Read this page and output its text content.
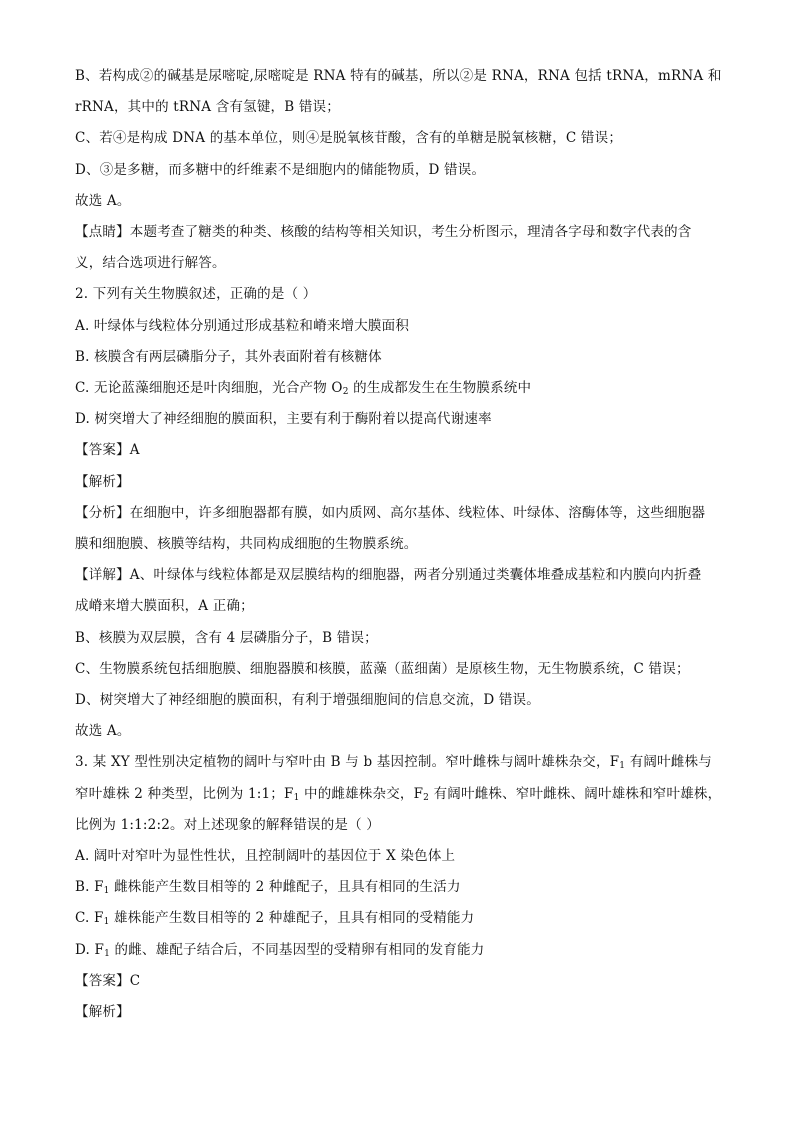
B、若构成②的碱基是尿嘧啶,尿嘧啶是 RNA 特有的碱基，所以②是 RNA，RNA 包括 tRNA，mRNA 和
rRNA，其中的 tRNA 含有氢键，B 错误；
C、若④是构成 DNA 的基本单位，则④是脱氧核苷酸，含有的单糖是脱氧核糖，C 错误；
D、③是多糖，而多糖中的纤维素不是细胞内的储能物质，D 错误。
故选 A。
【点睛】本题考查了糖类的种类、核酸的结构等相关知识，考生分析图示，理清各字母和数字代表的含
义，结合选项进行解答。
2. 下列有关生物膜叙述，正确的是（ ）
A. 叶绿体与线粒体分别通过形成基粒和嵴来增大膜面积
B. 核膜含有两层磷脂分子，其外表面附着有核糖体
C. 无论蓝藻细胞还是叶肉细胞，光合产物 $O_2$ 的生成都发生在生物膜系统中
D. 树突增大了神经细胞的膜面积，主要有利于酶附着以提高代谢速率
【答案】A
【解析】
【分析】在细胞中，许多细胞器都有膜，如内质网、高尔基体、线粒体、叶绿体、溶酶体等，这些细胞器
膜和细胞膜、核膜等结构，共同构成细胞的生物膜系统。
【详解】A、叶绿体与线粒体都是双层膜结构的细胞器，两者分别通过类囊体堆叠成基粒和内膜向内折叠
成嵴来增大膜面积，A 正确；
B、核膜为双层膜，含有 4 层磷脂分子，B 错误；
C、生物膜系统包括细胞膜、细胞器膜和核膜，蓝藻（蓝细菌）是原核生物，无生物膜系统，C 错误；
D、树突增大了神经细胞的膜面积，有利于增强细胞间的信息交流，D 错误。
故选 A。
3. 某 XY 型性别决定植物的阔叶与窄叶由 B 与 b 基因控制。窄叶雌株与阔叶雄株杂交，$F_1$ 有阔叶雌株与
窄叶雄株 2 种类型，比例为 1:1；$F_1$ 中的雌雄株杂交，$F_2$ 有阔叶雌株、窄叶雌株、阔叶雄株和窄叶雄株，
比例为 1:1:2:2。对上述现象的解释错误的是（ ）
A. 阔叶对窄叶为显性性状，且控制阔叶的基因位于 X 染色体上
B. $F_1$ 雌株能产生数目相等的 2 种雌配子，且具有相同的生活力
C. $F_1$ 雄株能产生数目相等的 2 种雄配子，且具有相同的受精能力
D. $F_1$ 的雌、雄配子结合后，不同基因型的受精卵有相同的发育能力
【答案】C
【解析】
